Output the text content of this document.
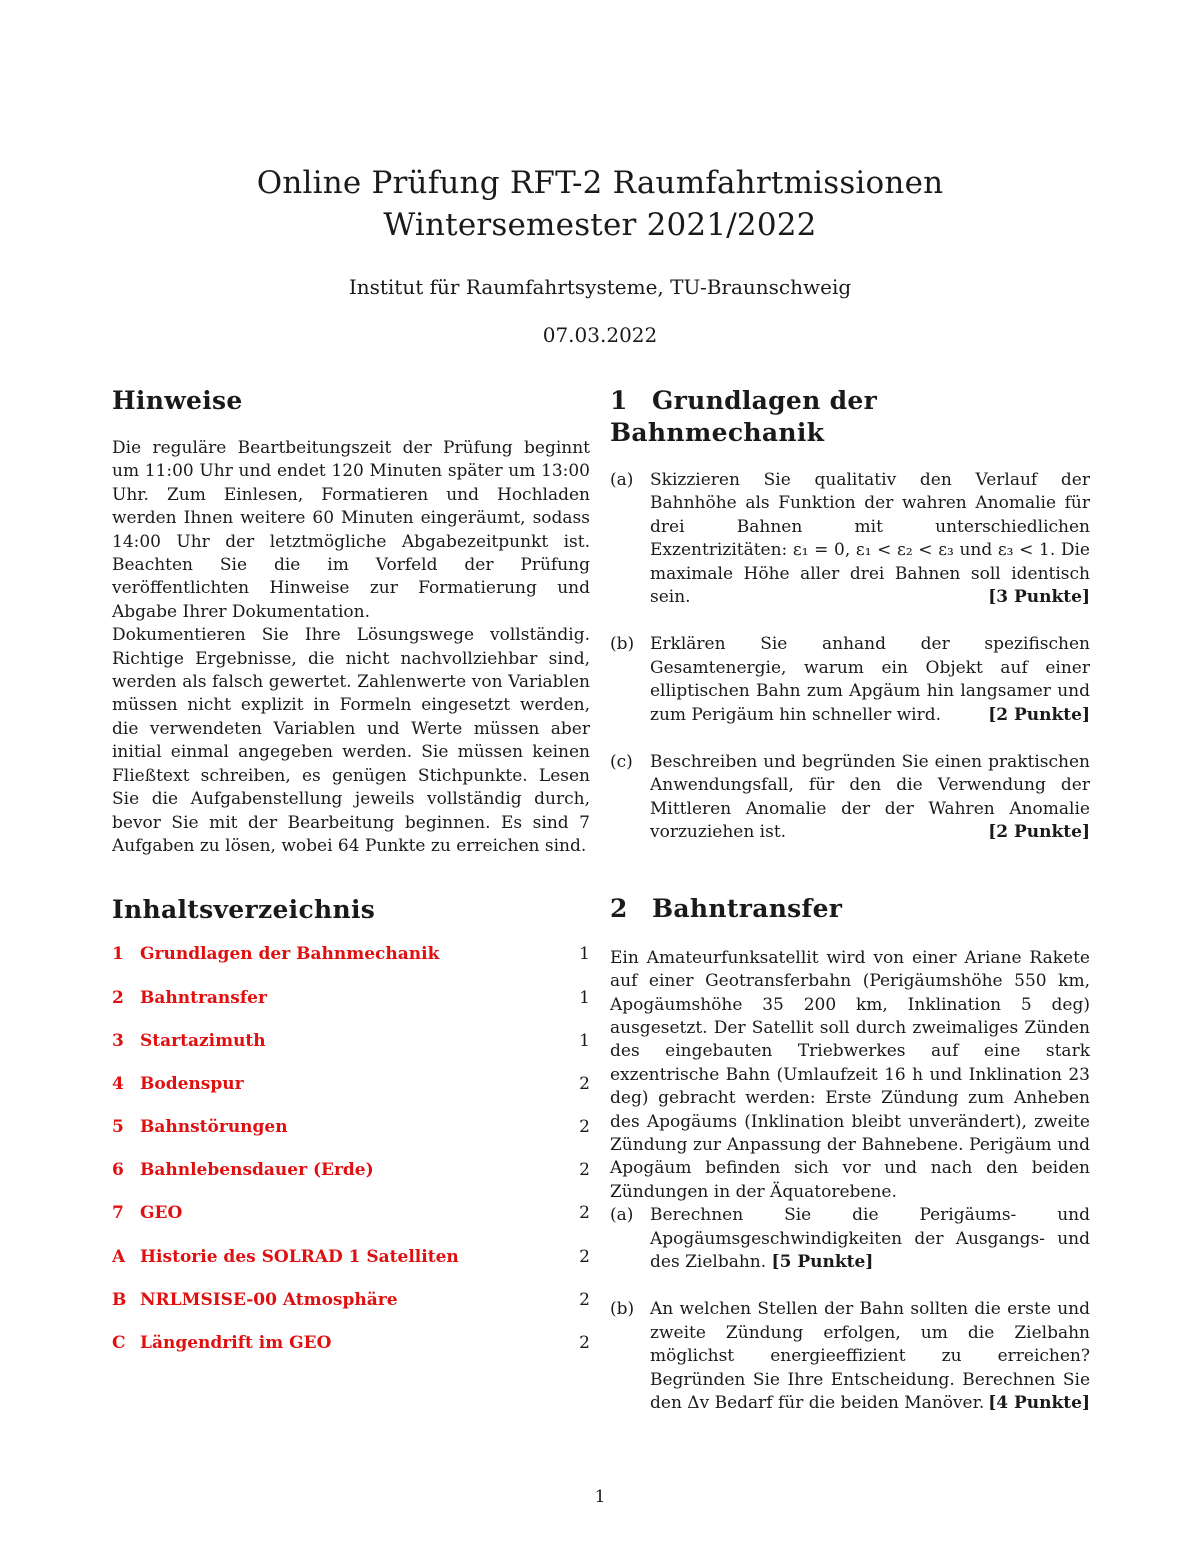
Online Prüfung RFT-2 Raumfahrtmissionen
Wintersemester 2021/2022
Institut für Raumfahrtsysteme, TU-Braunschweig
07.03.2022
Hinweise

Die reguläre Beartbeitungszeit der Prüfung beginnt um 11:00 Uhr und endet 120 Minuten später um 13:00 Uhr. Zum Einlesen, Formatieren und Hochladen werden Ihnen weitere 60 Minuten eingeräumt, sodass 14:00 Uhr der letztmögliche Abgabezeitpunkt ist. Beachten Sie die im Vorfeld der Prüfung veröffentlichten Hinweise zur Formatierung und Abgabe Ihrer Dokumentation.

Dokumentieren Sie Ihre Lösungswege vollständig. Richtige Ergebnisse, die nicht nachvollziehbar sind, werden als falsch gewertet. Zahlenwerte von Variablen müssen nicht explizit in Formeln eingesetzt werden, die verwendeten Variablen und Werte müssen aber initial einmal angegeben werden. Sie müssen keinen Fließtext schreiben, es genügen Stichpunkte. Lesen Sie die Aufgabenstellung jeweils vollständig durch, bevor Sie mit der Bearbeitung beginnen. Es sind 7 Aufgaben zu lösen, wobei 64 Punkte zu erreichen sind.

Inhaltsverzeichnis
1 Grundlagen der Bahnmechanik	1
2 Bahntransfer	1
3 Startazimuth	1
4 Bodenspur	2
5 Bahnstörungen	2
6 Bahnlebensdauer (Erde)	2
7 GEO	2
A Historie des SOLRAD 1 Satelliten	2
B NRLMSISE-00 Atmosphäre	2
C Längendrift im GEO	2
1 Grundlagen der Bahnmechanik
(a) Skizzieren Sie qualitativ den Verlauf der Bahnhöhe als Funktion der wahren Anomalie für drei Bahnen mit unterschiedlichen Exzentrizitäten: ε₁ = 0, ε₁ < ε₂ < ε₃ und ε₃ < 1. Die maximale Höhe aller drei Bahnen soll identisch sein.	[3 Punkte]
(b) Erklären Sie anhand der spezifischen Gesamtenergie, warum ein Objekt auf einer elliptischen Bahn zum Apgäum hin langsamer und zum Perigäum hin schneller wird.	[2 Punkte]
(c)	Beschreiben und begründen Sie einen praktischen Anwendungsfall, für den die Verwendung der Mittleren Anomalie der der Wahren Anomalie vorzuziehen ist.	[2 Punkte]
2 Bahntransfer

Ein Amateurfunksatellit wird von einer Ariane Rakete auf einer Geotransferbahn (Perigäumshöhe 550 km, Apogäumshöhe 35 200 km, Inklination 5 deg) ausgesetzt. Der Satellit soll durch zweimaliges Zünden des eingebauten Triebwerkes auf eine stark exzentrische Bahn (Umlaufzeit 16 h und Inklination 23 deg) gebracht werden: Erste Zündung zum Anheben des Apogäums (Inklination bleibt unverändert), zweite Zündung zur Anpassung der Bahnebene. Perigäum und Apogäum befinden sich vor und nach den beiden Zündungen in der Äquatorebene.

(a) Berechnen Sie die Perigäums- und Apogäumsgeschwindigkeiten der Ausgangs- und des Zielbahn. [5 Punkte]
(b) An welchen Stellen der Bahn sollten die erste und zweite Zündung erfolgen, um die Zielbahn möglichst energieeffizient zu erreichen? Begründen Sie Ihre Entscheidung. Berechnen Sie den Δv Bedarf für die beiden Manöver. [4 Punkte]
1
